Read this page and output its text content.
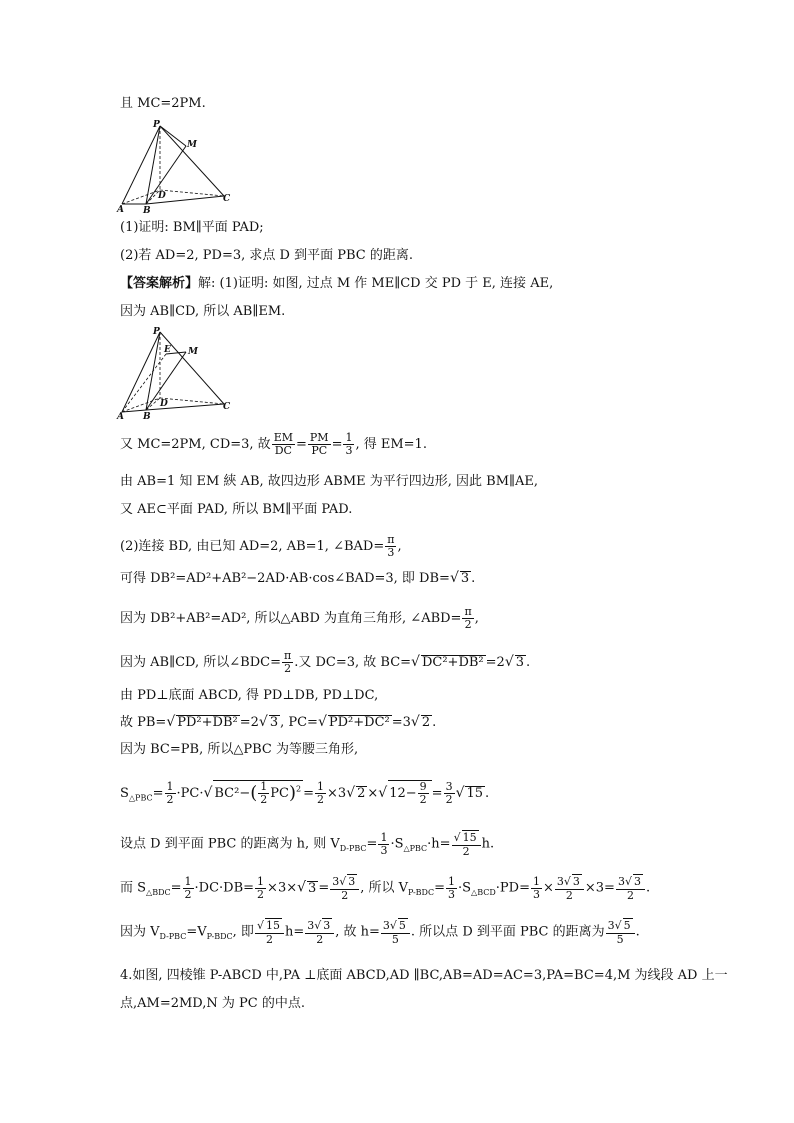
且 MC=2PM.
P
M
A B
C
D
(1)证明: BM∥平面 PAD;
(2)若 AD=2, PD=3, 求点 D 到平面 PBC 的距离.
【答案解析】解: (1)证明: 如图, 过点 M 作 ME∥CD 交 PD 于 E, 连接 AE,
因为 AB∥CD, 所以 AB∥EM.
P
E M
A B
C
D
又 MC=2PM, CD=3, 故 $\frac{EM}{DC} = \frac{PM}{PC} = \frac{1}{3}$ , 得 EM=1.
由 AB=1 知 EM 綊 AB, 故四边形 ABME 为平行四边形, 因此 BM∥AE,
又 AE⊂平面 PAD, 所以 BM∥平面 PAD.
(2)连接 BD, 由已知 AD=2, AB=1, ∠BAD= $\frac{\pi}{3}$ ,
可得 DB²=AD²+AB²−2AD·AB·cos∠BAD=3, 即 DB=√ 3 .
因为 DB²+AB²=AD², 所以△ABD 为直角三角形, ∠ABD= $\frac{\pi}{2}$ ,
因为 AB∥CD, 所以∠BDC= $\frac{\pi}{2}$ .又 DC=3, 故 BC=√ DC²+DB² =2√ 3 .
由 PD⊥底面 ABCD, 得 PD⊥DB, PD⊥DC,
故 PB=√ PD²+DB² =2√ 3 , PC=√ PD²+DC² =3√ 2 .
因为 BC=PB, 所以△PBC 为等腰三角形,
$S_{\triangle PBC}= \frac{1}{2} \cdot PC\cdot√$ $BC^2-( \frac{1}{2} PC)^2 = \frac{1}{2} \times 3√$ 2 ×√ $12- \frac{9}{2} = \frac{3}{2}$ √ 15 .
设点 D 到平面 PBC 的距离为 h, 则 $V_{D-PBC}= \frac{1}{3} \cdot S_{\triangle PBC}\cdot h= \frac{√ 15}{2} h$.
而 $S_{\triangle BDC}= \frac{1}{2} \cdot DC\cdot DB= \frac{1}{2} \times 3\times√$ $3 = \frac{3√ 3}{2}$ , 所以 $V_{P-BDC}= \frac{1}{3} \cdot S_{\triangle BCD}\cdot PD= \frac{1}{3} \times \frac{3√ 3}{2} \times 3= \frac{3√ 3}{2}$ .
因为 $V_{D-PBC}=V_{P-BDC}$, 即 $\frac{√ 15}{2} h= \frac{3√ 3}{2}$ , 故 $h= \frac{3√ 5}{5}$ . 所以点 D 到平面 PBC 的距离为 $\frac{3√ 5}{5}$ .
4.如图, 四棱锥 P-ABCD 中,PA ⊥底面 ABCD,AD ∥BC,AB=AD=AC=3,PA=BC=4,M 为线段 AD 上一
点,AM=2MD,N 为 PC 的中点.
